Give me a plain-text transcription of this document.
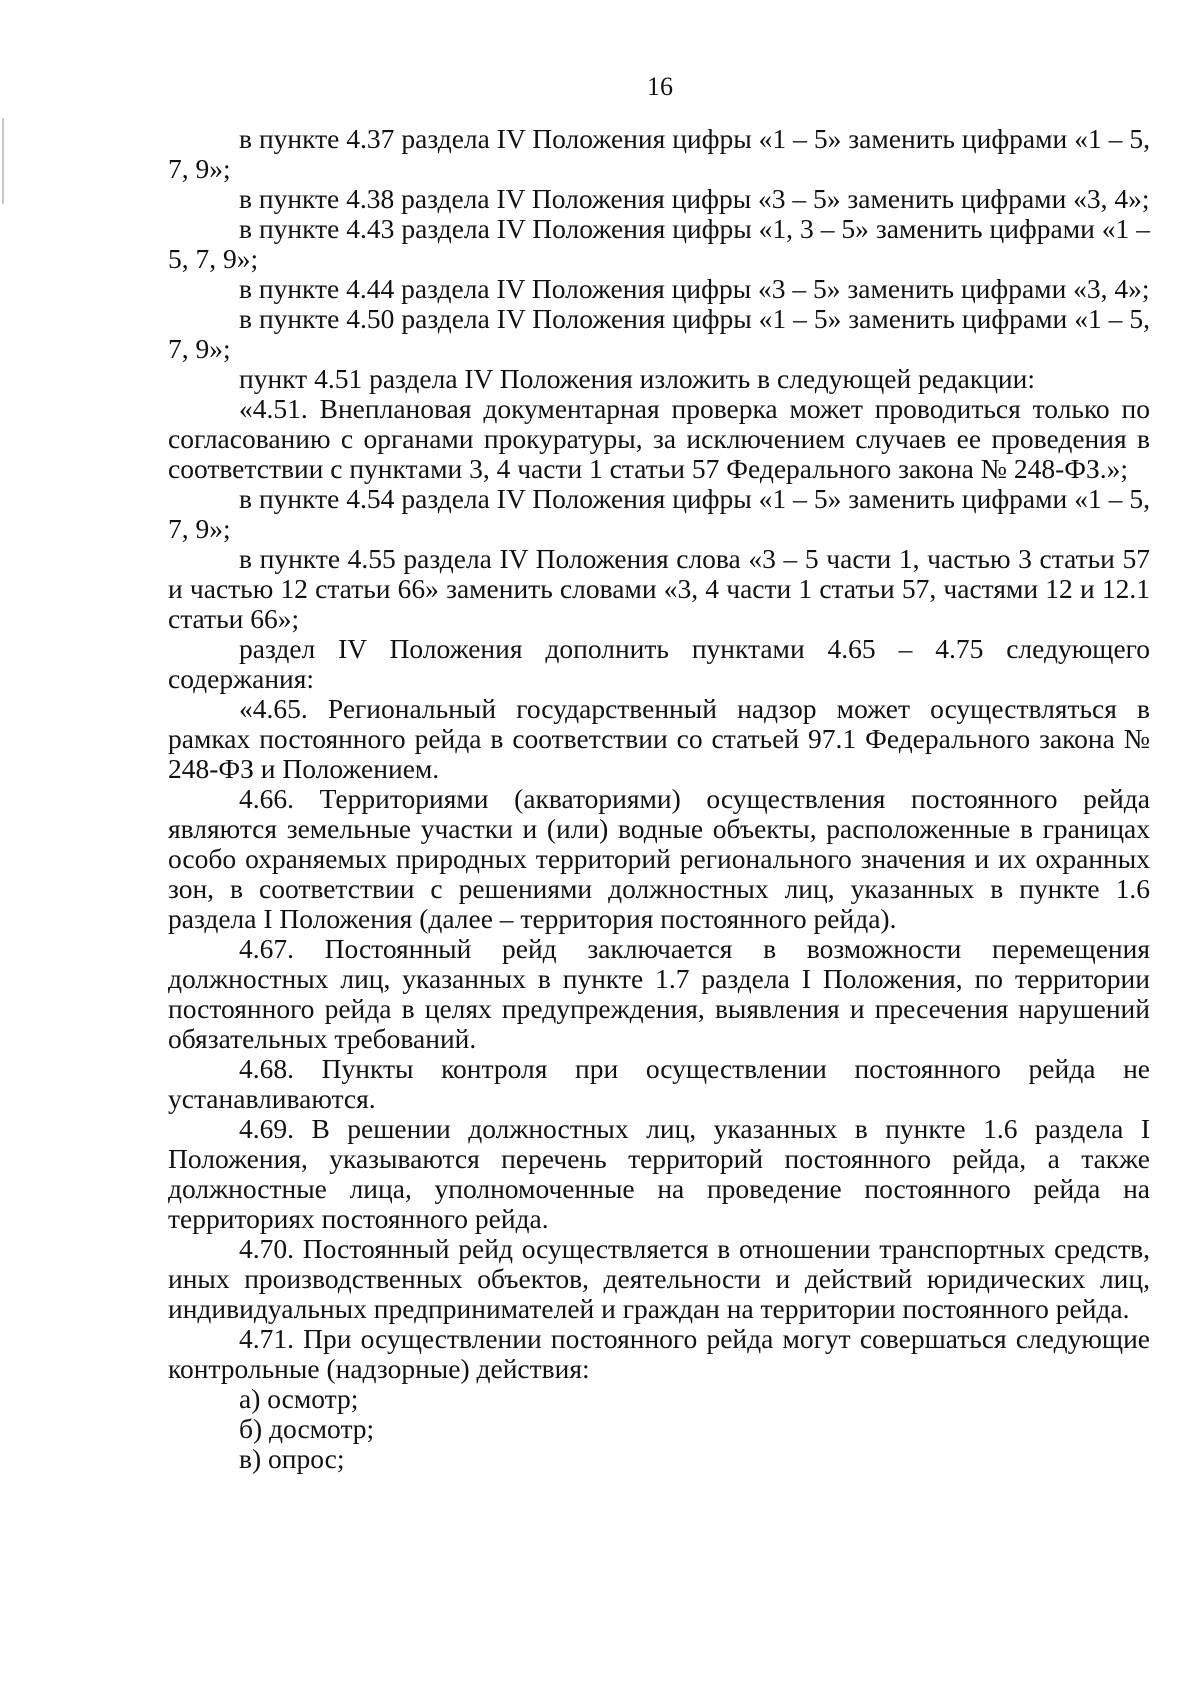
16

в пункте 4.37 раздела IV Положения цифры «1 – 5» заменить цифрами «1 – 5, 7, 9»;

в пункте 4.38 раздела IV Положения цифры «3 – 5» заменить цифрами «3, 4»;

в пункте 4.43 раздела IV Положения цифры «1, 3 – 5» заменить цифрами «1 – 5, 7, 9»;

в пункте 4.44 раздела IV Положения цифры «3 – 5» заменить цифрами «3, 4»;

в пункте 4.50 раздела IV Положения цифры «1 – 5» заменить цифрами «1 – 5, 7, 9»;

пункт 4.51 раздела IV Положения изложить в следующей редакции:

«4.51. Внеплановая документарная проверка может проводиться только по согласованию с органами прокуратуры, за исключением случаев ее проведения в соответствии с пунктами 3, 4 части 1 статьи 57 Федерального закона № 248-ФЗ.»;

в пункте 4.54 раздела IV Положения цифры «1 – 5» заменить цифрами «1 – 5, 7, 9»;

в пункте 4.55 раздела IV Положения слова «3 – 5 части 1, частью 3 статьи 57 и частью 12 статьи 66» заменить словами «3, 4 части 1 статьи 57, частями 12 и 12.1 статьи 66»;

раздел IV Положения дополнить пунктами 4.65 – 4.75 следующего содержания:

«4.65. Региональный государственный надзор может осуществляться в рамках постоянного рейда в соответствии со статьей 97.1 Федерального закона № 248-ФЗ и Положением.

4.66. Территориями (акваториями) осуществления постоянного рейда являются земельные участки и (или) водные объекты, расположенные в границах особо охраняемых природных территорий регионального значения и их охранных зон, в соответствии с решениями должностных лиц, указанных в пункте 1.6 раздела I Положения (далее – территория постоянного рейда).

4.67. Постоянный рейд заключается в возможности перемещения должностных лиц, указанных в пункте 1.7 раздела I Положения, по территории постоянного рейда в целях предупреждения, выявления и пресечения нарушений обязательных требований.

4.68. Пункты контроля при осуществлении постоянного рейда не устанавливаются.

4.69. В решении должностных лиц, указанных в пункте 1.6 раздела I Положения, указываются перечень территорий постоянного рейда, а также должностные лица, уполномоченные на проведение постоянного рейда на территориях постоянного рейда.

4.70. Постоянный рейд осуществляется в отношении транспортных средств, иных производственных объектов, деятельности и действий юридических лиц, индивидуальных предпринимателей и граждан на территории постоянного рейда.

4.71. При осуществлении постоянного рейда могут совершаться следующие контрольные (надзорные) действия:

а) осмотр;

б) досмотр;

в) опрос;
